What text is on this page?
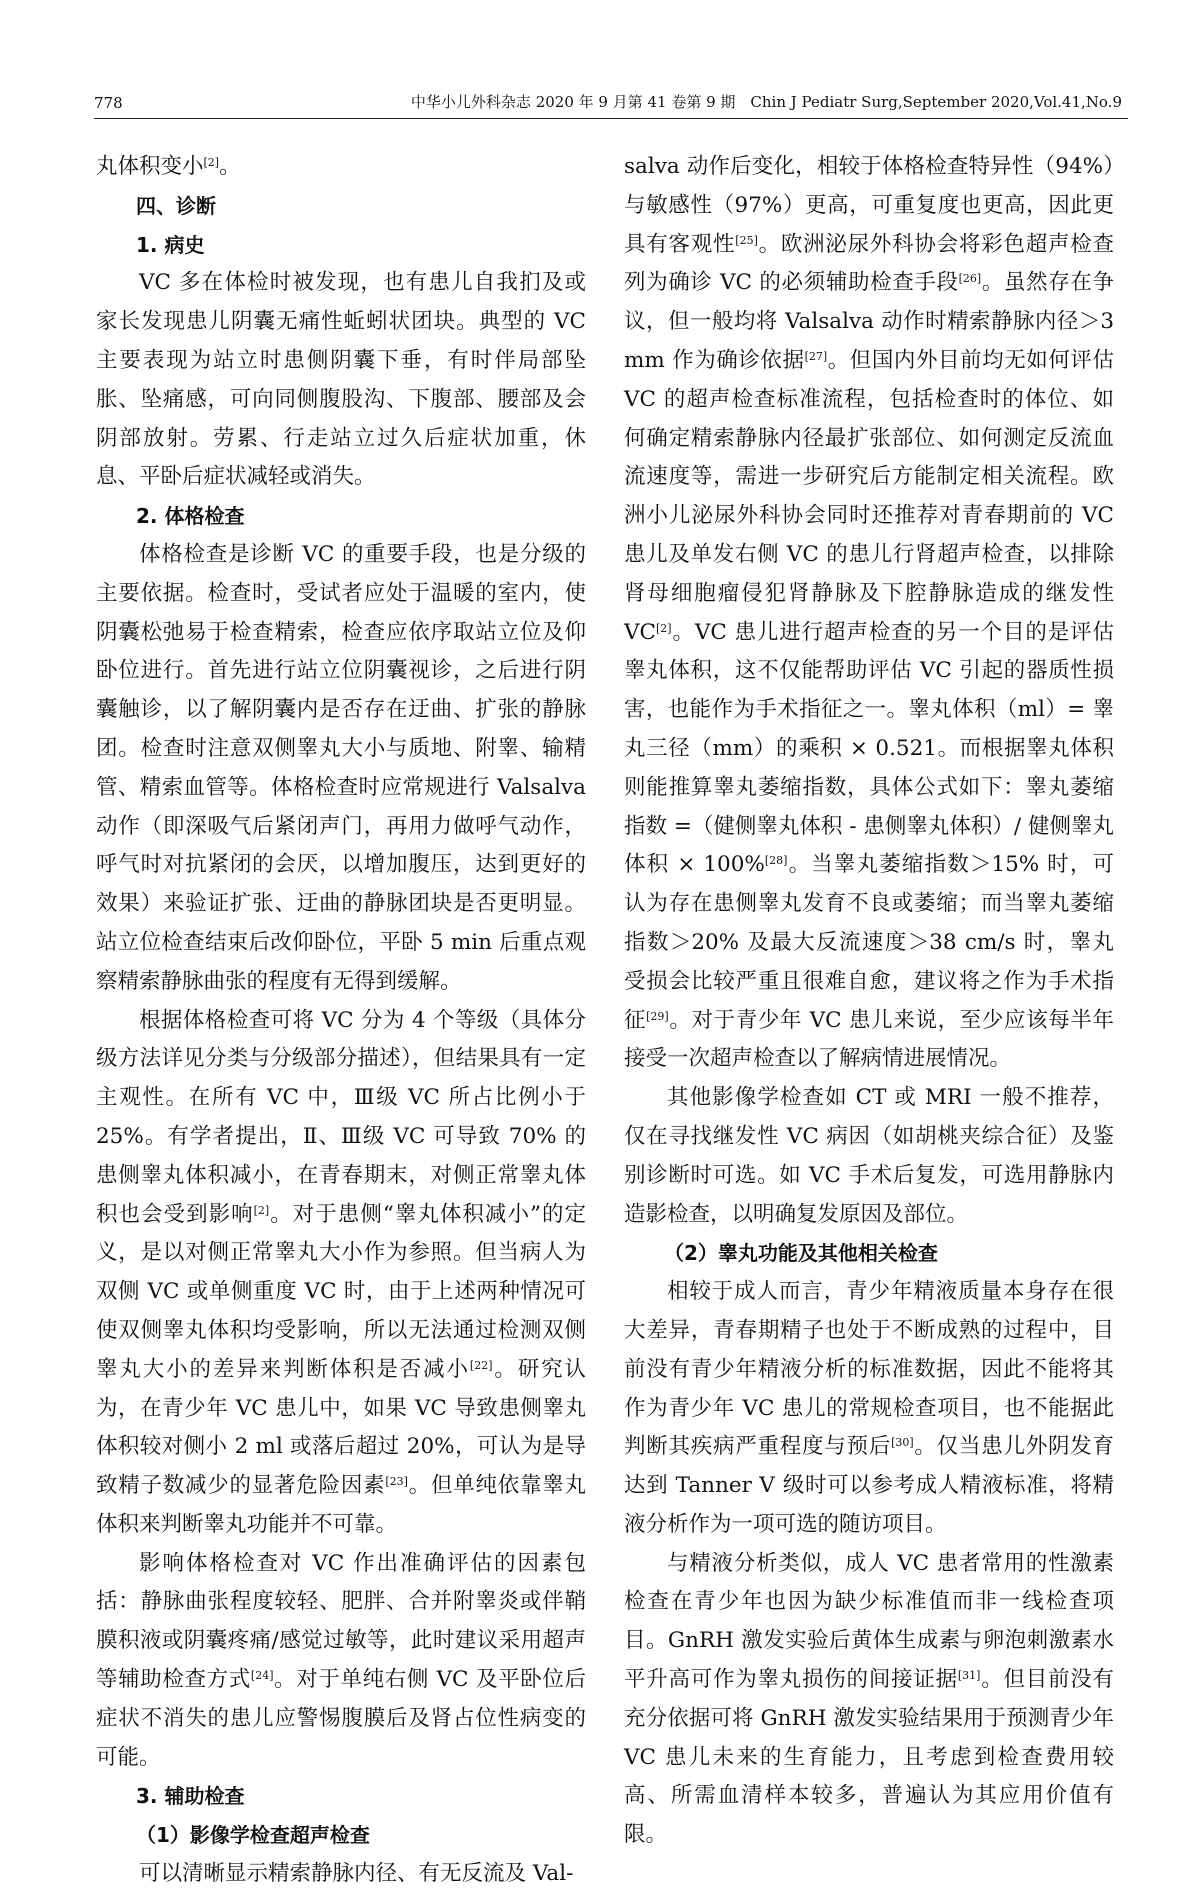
778	中华小儿外科杂志 2020 年 9 月第 41 卷第 9 期　Chin J Pediatr Surg,September 2020,Vol.41,No.9

丸体积变小[2]。

四、诊断
1. 病史

VC 多在体检时被发现，也有患儿自我扪及或家长发现患儿阴囊无痛性蚯蚓状团块。典型的 VC 主要表现为站立时患侧阴囊下垂，有时伴局部坠胀、坠痛感，可向同侧腹股沟、下腹部、腰部及会阴部放射。劳累、行走站立过久后症状加重，休息、平卧后症状减轻或消失。

2. 体格检查

体格检查是诊断 VC 的重要手段，也是分级的主要依据。检查时，受试者应处于温暖的室内，使阴囊松弛易于检查精索，检查应依序取站立位及仰卧位进行。首先进行站立位阴囊视诊，之后进行阴囊触诊，以了解阴囊内是否存在迂曲、扩张的静脉团。检查时注意双侧睾丸大小与质地、附睾、输精管、精索血管等。体格检查时应常规进行 Valsalva 动作（即深吸气后紧闭声门，再用力做呼气动作，呼气时对抗紧闭的会厌，以增加腹压，达到更好的效果）来验证扩张、迂曲的静脉团块是否更明显。站立位检查结束后改仰卧位，平卧 5 min 后重点观察精索静脉曲张的程度有无得到缓解。

根据体格检查可将 VC 分为 4 个等级（具体分级方法详见分类与分级部分描述），但结果具有一定主观性。在所有 VC 中，Ⅲ级 VC 所占比例小于 25%。有学者提出，Ⅱ、Ⅲ级 VC 可导致 70% 的患侧睾丸体积减小，在青春期末，对侧正常睾丸体积也会受到影响[2]。对于患侧“睾丸体积减小”的定义，是以对侧正常睾丸大小作为参照。但当病人为双侧 VC 或单侧重度 VC 时，由于上述两种情况可使双侧睾丸体积均受影响，所以无法通过检测双侧睾丸大小的差异来判断体积是否减小[22]。研究认为，在青少年 VC 患儿中，如果 VC 导致患侧睾丸体积较对侧小 2 ml 或落后超过 20%，可认为是导致精子数减少的显著危险因素[23]。但单纯依靠睾丸体积来判断睾丸功能并不可靠。

影响体格检查对 VC 作出准确评估的因素包括：静脉曲张程度较轻、肥胖、合并附睾炎或伴鞘膜积液或阴囊疼痛/感觉过敏等，此时建议采用超声等辅助检查方式[24]。对于单纯右侧 VC 及平卧位后症状不消失的患儿应警惕腹膜后及肾占位性病变的可能。

3. 辅助检查
（1）影像学检查超声检查

可以清晰显示精索静脉内径、有无反流及 Val-

salva 动作后变化，相较于体格检查特异性（94%）与敏感性（97%）更高，可重复度也更高，因此更具有客观性[25]。欧洲泌尿外科协会将彩色超声检查列为确诊 VC 的必须辅助检查手段[26]。虽然存在争议，但一般均将 Valsalva 动作时精索静脉内径＞3 mm 作为确诊依据[27]。但国内外目前均无如何评估 VC 的超声检查标准流程，包括检查时的体位、如何确定精索静脉内径最扩张部位、如何测定反流血流速度等，需进一步研究后方能制定相关流程。欧洲小儿泌尿外科协会同时还推荐对青春期前的 VC 患儿及单发右侧 VC 的患儿行肾超声检查，以排除肾母细胞瘤侵犯肾静脉及下腔静脉造成的继发性 VC[2]。VC 患儿进行超声检查的另一个目的是评估睾丸体积，这不仅能帮助评估 VC 引起的器质性损害，也能作为手术指征之一。睾丸体积（ml）= 睾丸三径（mm）的乘积 × 0.521。而根据睾丸体积则能推算睾丸萎缩指数，具体公式如下：睾丸萎缩指数 =（健侧睾丸体积 - 患侧睾丸体积）/ 健侧睾丸体积 × 100%[28]。当睾丸萎缩指数＞15% 时，可认为存在患侧睾丸发育不良或萎缩；而当睾丸萎缩指数＞20% 及最大反流速度＞38 cm/s 时，睾丸受损会比较严重且很难自愈，建议将之作为手术指征[29]。对于青少年 VC 患儿来说，至少应该每半年接受一次超声检查以了解病情进展情况。

其他影像学检查如 CT 或 MRI 一般不推荐，仅在寻找继发性 VC 病因（如胡桃夹综合征）及鉴别诊断时可选。如 VC 手术后复发，可选用静脉内造影检查，以明确复发原因及部位。

（2）睾丸功能及其他相关检查

相较于成人而言，青少年精液质量本身存在很大差异，青春期精子也处于不断成熟的过程中，目前没有青少年精液分析的标准数据，因此不能将其作为青少年 VC 患儿的常规检查项目，也不能据此判断其疾病严重程度与预后[30]。仅当患儿外阴发育达到 Tanner Ⅴ 级时可以参考成人精液标准，将精液分析作为一项可选的随访项目。

与精液分析类似，成人 VC 患者常用的性激素检查在青少年也因为缺少标准值而非一线检查项目。GnRH 激发实验后黄体生成素与卵泡刺激素水平升高可作为睾丸损伤的间接证据[31]。但目前没有充分依据可将 GnRH 激发实验结果用于预测青少年 VC 患儿未来的生育能力，且考虑到检查费用较高、所需血清样本较多，普遍认为其应用价值有限。
